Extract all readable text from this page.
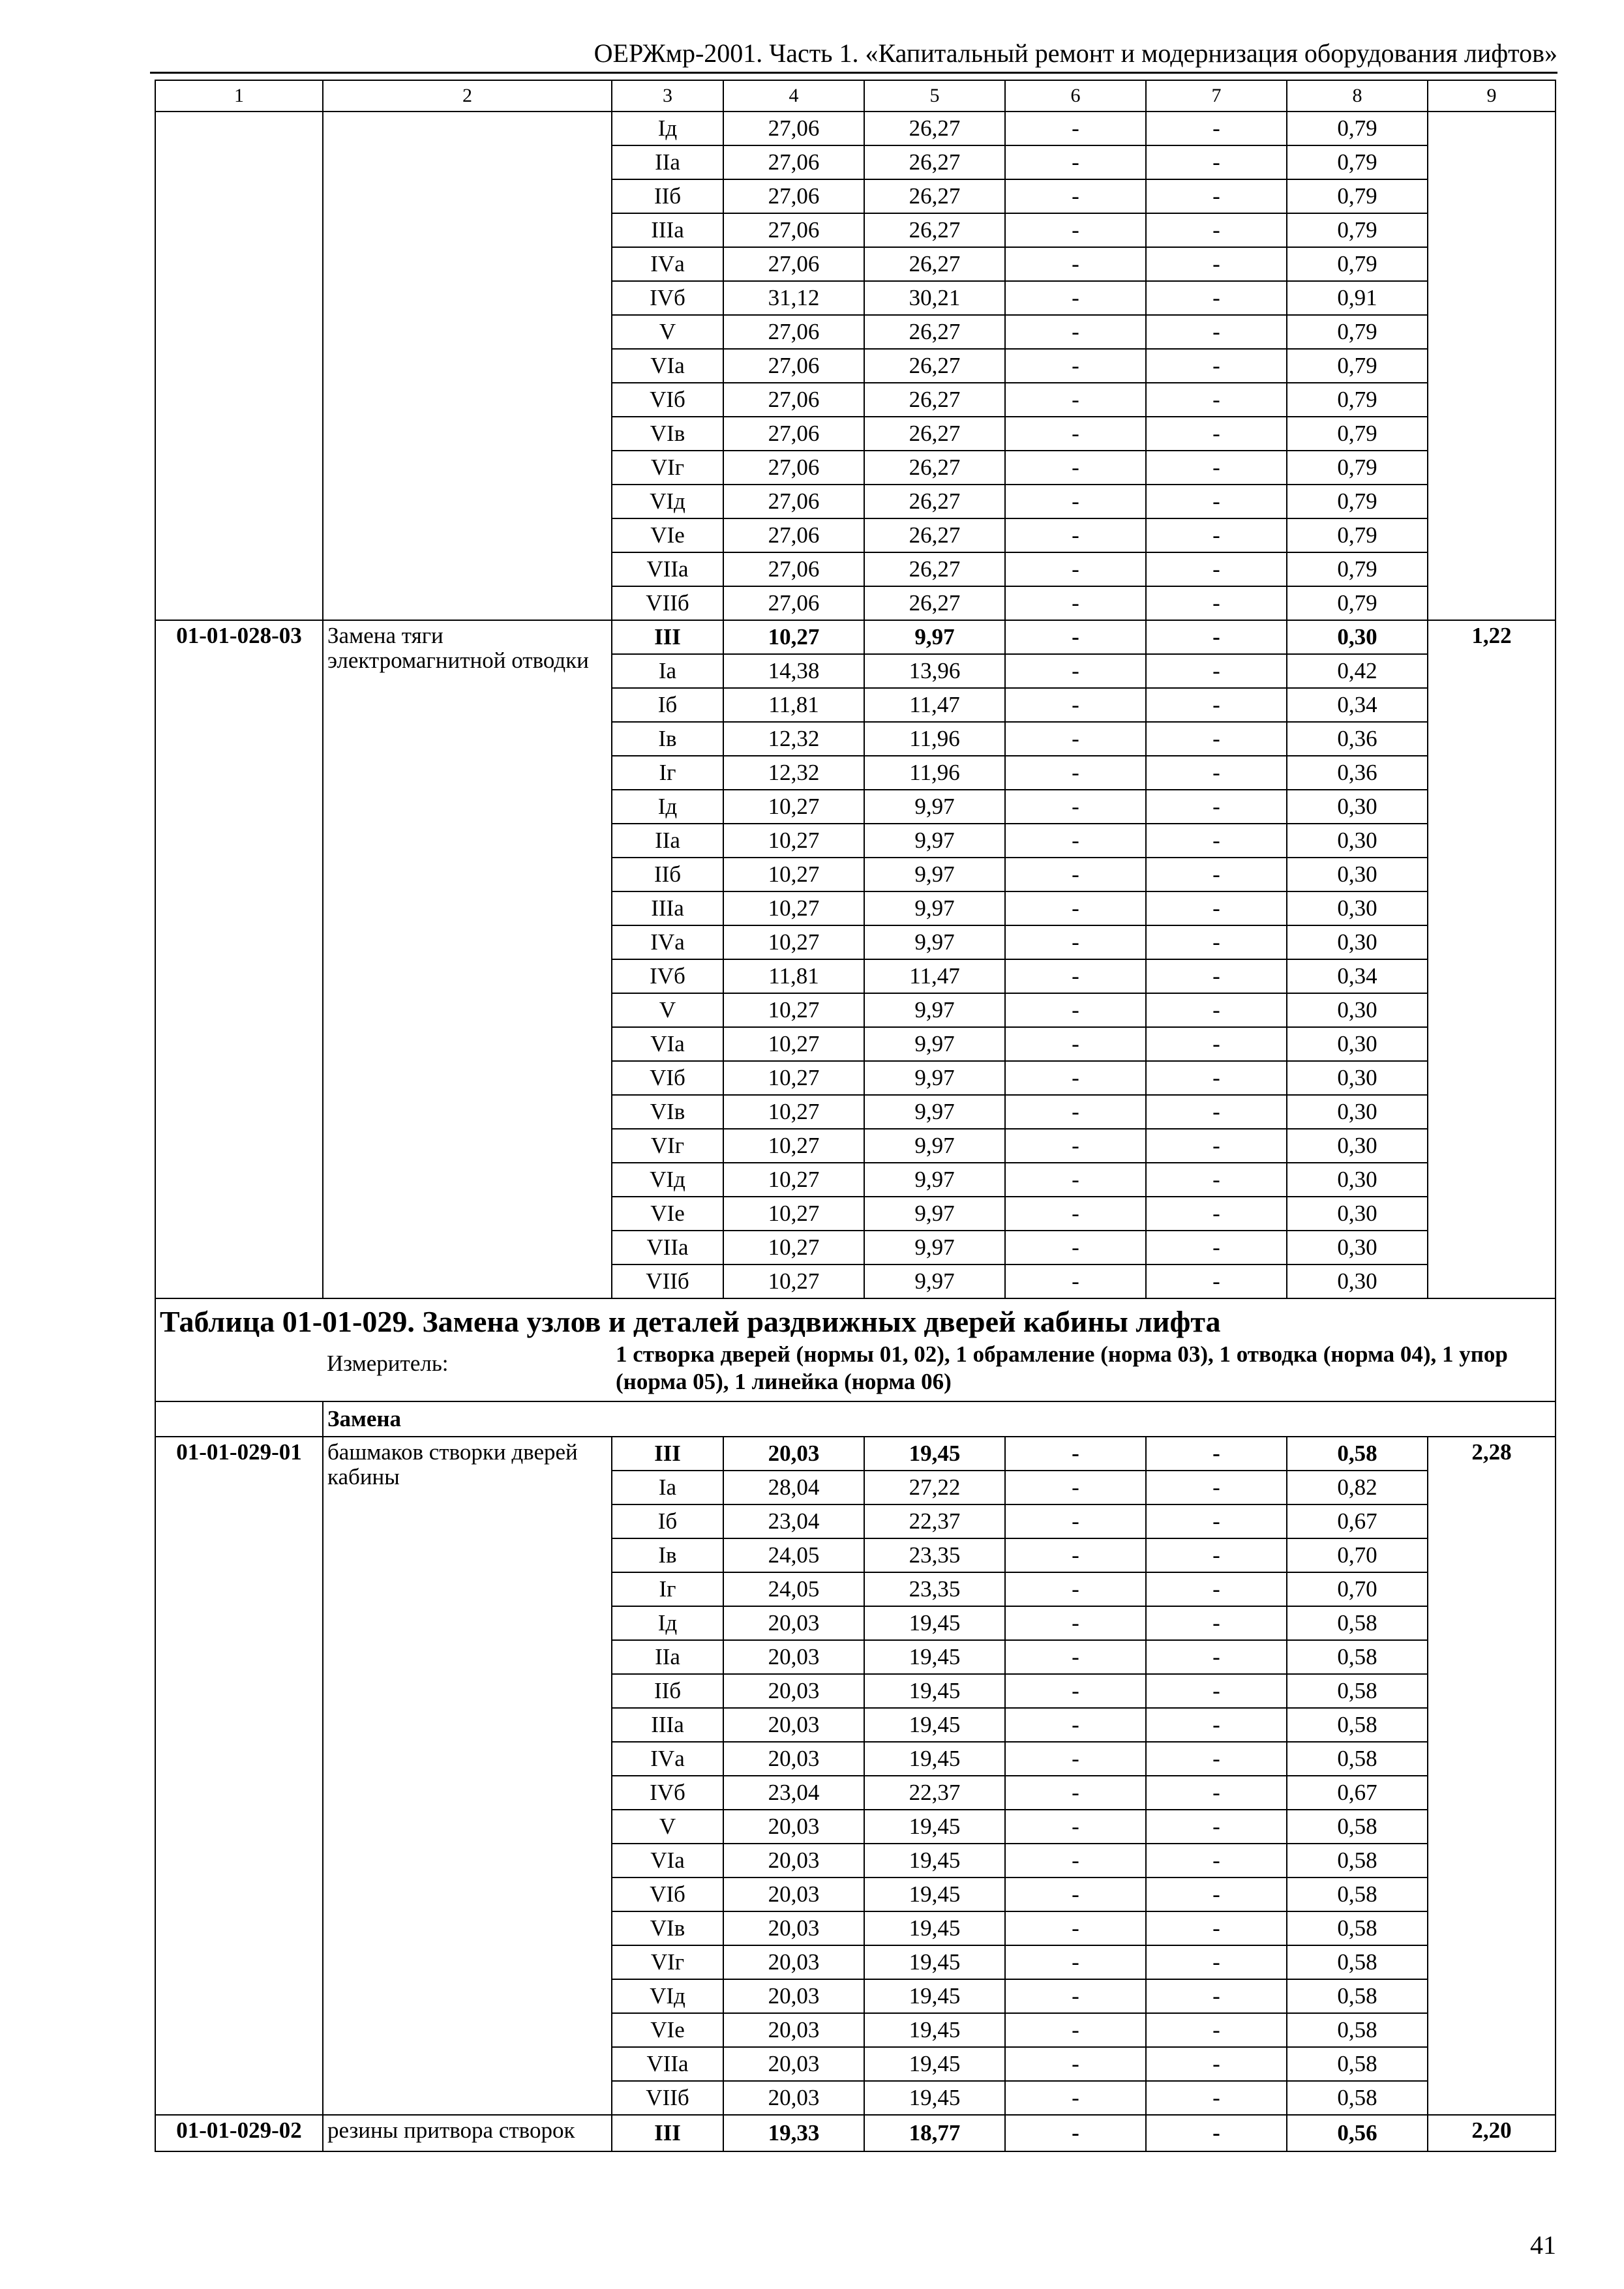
ОЕРЖмр-2001. Часть 1. «Капитальный ремонт и модернизация оборудования лифтов»
1	2	3	4	5	6	7	8	9
		Iд	27,06	26,27	-	-	0,79	
		IIа	27,06	26,27	-	-	0,79	
		IIб	27,06	26,27	-	-	0,79	
		IIIа	27,06	26,27	-	-	0,79	
		IVа	27,06	26,27	-	-	0,79	
		IVб	31,12	30,21	-	-	0,91	
		V	27,06	26,27	-	-	0,79	
		VIа	27,06	26,27	-	-	0,79	
		VIб	27,06	26,27	-	-	0,79	
		VIв	27,06	26,27	-	-	0,79	
		VIг	27,06	26,27	-	-	0,79	
		VIд	27,06	26,27	-	-	0,79	
		VIе	27,06	26,27	-	-	0,79	
		VIIа	27,06	26,27	-	-	0,79	
		VIIб	27,06	26,27	-	-	0,79	
01-01-028-03	Замена тяги электромагнитной отводки	III	10,27	9,97	-	-	0,30	1,22
		Iа	14,38	13,96	-	-	0,42	
		Iб	11,81	11,47	-	-	0,34	
		Iв	12,32	11,96	-	-	0,36	
		Iг	12,32	11,96	-	-	0,36	
		Iд	10,27	9,97	-	-	0,30	
		IIа	10,27	9,97	-	-	0,30	
		IIб	10,27	9,97	-	-	0,30	
		IIIа	10,27	9,97	-	-	0,30	
		IVа	10,27	9,97	-	-	0,30	
		IVб	11,81	11,47	-	-	0,34	
		V	10,27	9,97	-	-	0,30	
		VIа	10,27	9,97	-	-	0,30	
		VIб	10,27	9,97	-	-	0,30	
		VIв	10,27	9,97	-	-	0,30	
		VIг	10,27	9,97	-	-	0,30	
		VIд	10,27	9,97	-	-	0,30	
		VIе	10,27	9,97	-	-	0,30	
		VIIа	10,27	9,97	-	-	0,30	
		VIIб	10,27	9,97	-	-	0,30	
Таблица 01-01-029. Замена узлов и деталей раздвижных дверей кабины лифта								
	Измеритель:	1 створка дверей (нормы 01, 02), 1 обрамление (норма 03), 1 отводка (норма 04), 1 упор (норма 05), 1 линейка (норма 06)						
	Замена							
01-01-029-01	башмаков створки дверей кабины	III	20,03	19,45	-	-	0,58	2,28
		Iа	28,04	27,22	-	-	0,82	
		Iб	23,04	22,37	-	-	0,67	
		Iв	24,05	23,35	-	-	0,70	
		Iг	24,05	23,35	-	-	0,70	
		Iд	20,03	19,45	-	-	0,58	
		IIа	20,03	19,45	-	-	0,58	
		IIб	20,03	19,45	-	-	0,58	
		IIIа	20,03	19,45	-	-	0,58	
		IVа	20,03	19,45	-	-	0,58	
		IVб	23,04	22,37	-	-	0,67	
		V	20,03	19,45	-	-	0,58	
		VIа	20,03	19,45	-	-	0,58	
		VIб	20,03	19,45	-	-	0,58	
		VIв	20,03	19,45	-	-	0,58	
		VIг	20,03	19,45	-	-	0,58	
		VIд	20,03	19,45	-	-	0,58	
		VIе	20,03	19,45	-	-	0,58	
		VIIа	20,03	19,45	-	-	0,58	
		VIIб	20,03	19,45	-	-	0,58	
01-01-029-02	резины притвора створок	III	19,33	18,77	-	-	0,56	2,20
41
